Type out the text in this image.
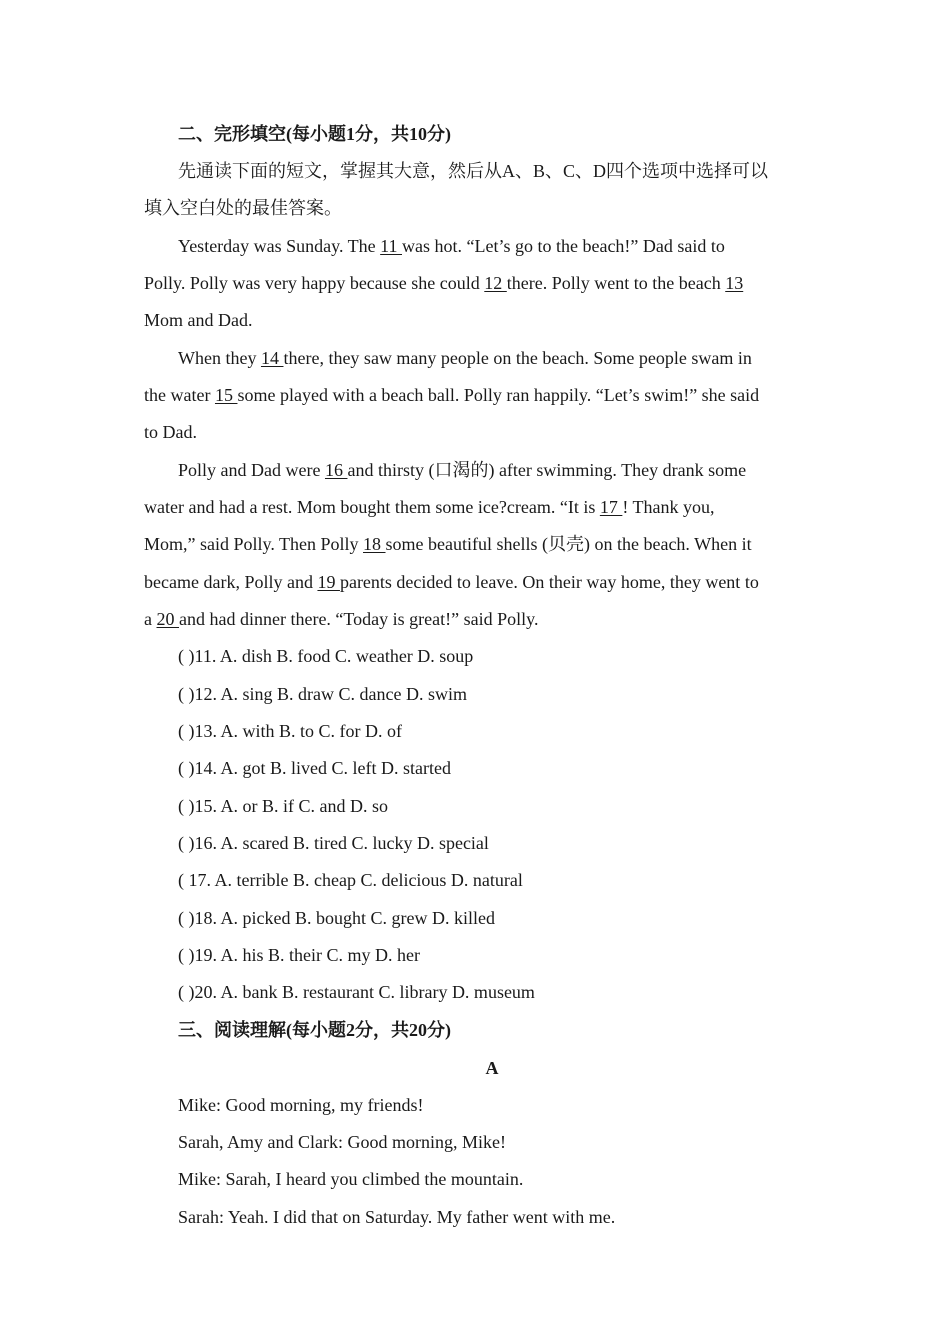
二、完形填空(每小题1分，共10分)
先通读下面的短文，掌握其大意，然后从A、B、C、D四个选项中选择可以
填入空白处的最佳答案。
Yesterday was Sunday. The 11 was hot. “Let’s go to the beach!” Dad said to
Polly. Polly was very happy because she could 12 there. Polly went to the beach 13
Mom and Dad.
When they 14 there, they saw many people on the beach. Some people swam in
the water 15 some played with a beach ball. Polly ran happily. “Let’s swim!” she said
to Dad.
Polly and Dad were 16 and thirsty (口渴的) after swimming. They drank some
water and had a rest. Mom bought them some ice?cream. “It is 17 ! Thank you,
Mom,” said Polly. Then Polly 18 some beautiful shells (贝壳) on the beach. When it
became dark, Polly and 19 parents decided to leave. On their way home, they went to
a 20 and had dinner there. “Today is great!” said Polly.
( )11. A. dish B. food C. weather D. soup
( )12. A. sing B. draw C. dance D. swim
( )13. A. with B. to C. for D. of
( )14. A. got B. lived C. left D. started
( )15. A. or B. if C. and D. so
( )16. A. scared B. tired C. lucky D. special
( 17. A. terrible B. cheap C. delicious D. natural
( )18. A. picked B. bought C. grew D. killed
( )19. A. his B. their C. my D. her
( )20. A. bank B. restaurant C. library D. museum
三、阅读理解(每小题2分，共20分)
A
Mike: Good morning, my friends!
Sarah, Amy and Clark: Good morning, Mike!
Mike: Sarah, I heard you climbed the mountain.
Sarah: Yeah. I did that on Saturday. My father went with me.
